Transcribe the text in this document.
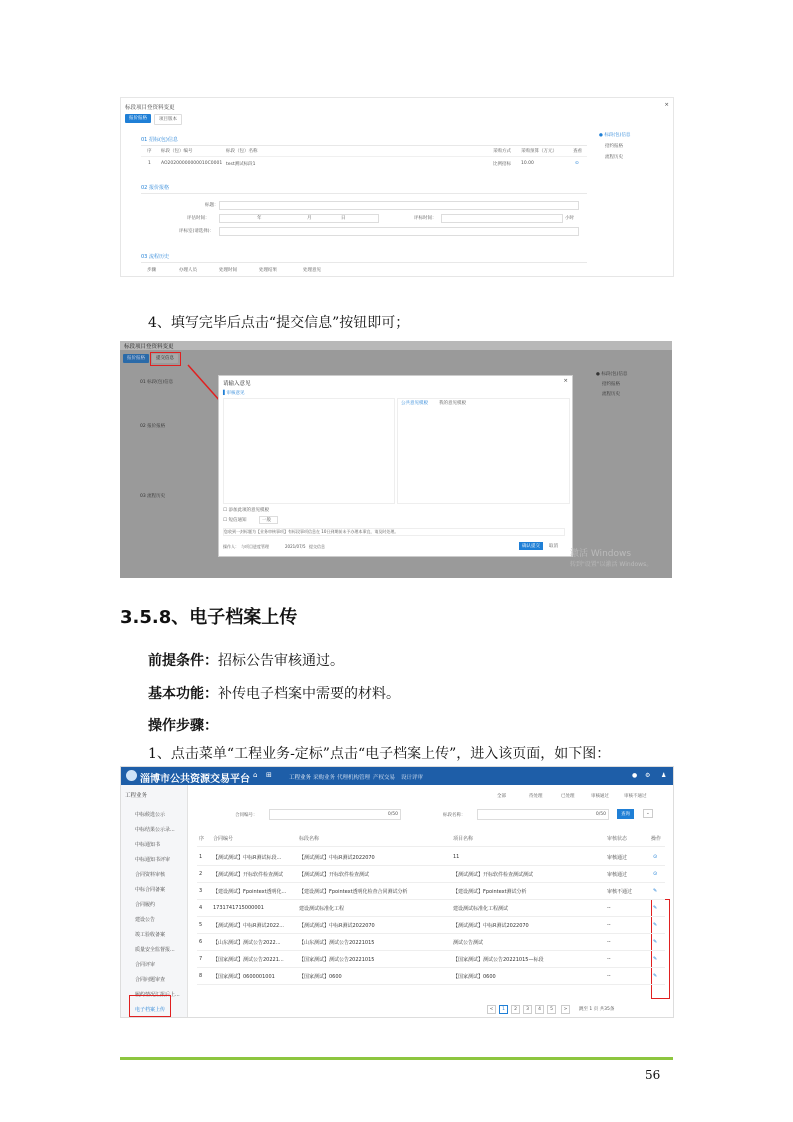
标段项目登资料变更	×
报价报格	项目版本
01 招标(包)信息
序 标段（包）编号	标段（包）名称	采购方式 采购预算（万元）	查看
1 AO20200000000010C0001 test测试标段1	比例招标 10.00	⊙
02 报价报格
标题：
评估时间：	年	月	日	评标时间：	小时
评标室(请选择)：
03 流程历史
步骤	办理人员	处理时间	处理结果	处理意见
● 标段(包)信息
招约报格
流程历史
4、填写完毕后点击“提交信息”按钮即可；
标段项目登资料变更
报价报格	提交信息
01 标段(包)信息
02 报价报格
03 流程历史
● 标段(包)信息
招约报格
流程历史
请输入意见	×
▌审核意见
公共意见模板 我的意见模板
☐ 添加此项的意见模板
☐ 短信通知	一般
您收到一封标题为【业务审核事项】有标段事项信息在 10日到期前未予办理本事宜，请及时处理。
操作人： 与项目进度管理	2021/07/5 提交信息	确认提交	取消
激活 Windows
转到"设置"以激活 Windows。
3.5.8、电子档案上传
前提条件：招标公告审核通过。
基本功能：补传电子档案中需要的材料。
操作步骤：
1、点击菜单“工程业务-定标”点击“电子档案上传”，进入该页面，如下图：
淄博市公共资源交易平台 ⌂ ⊞	工程业务 采购业务 代理机构管理 产权交易 设计评审	● ⚙ ♟
工程业务
中标候选公示
中标结果公示录...
中标通知书
中标通知书评审
合同资料审核
中标合同备案
合同履约
建设公告
竣工验收备案
质量安全监督报...
合同评审
合同问题审查
履约情况汇报后上...
电子档案上传
全部	待处理	已处理	审核通过	审核不通过
合同编号：	0/50	标段名称：	0/50	查询	⌄
序 合同编号	标段名称	项目名称	审核状态	操作
<	1	2	3	4	5	>	跳至 1 页 共35条
1	【测试测试】中标R测试标段...	【测试测试】中标R测试2022070	11	审核通过	⊙
2	【测试测试】开标软件检查测试	【测试测试】开标软件检查测试	【测试测试】开标软件检查测试测试	审核通过	⊙
3	【建设测试】Fpointext透明化...	【建设测试】Fpointext透明化检查合同测试分析	【建设测试】Fpointext测试分析	审核不通过	✎
4	1731741715000001	建设测试标准化工程	建设测试标准化工程测试	--	✎
5	【测试测试】中标R测试2022...	【测试测试】中标R测试2022070	【测试测试】中标R测试2022070	--	✎
6	【山东测试】测试公告2022...	【山东测试】测试公告20221015	测试公告测试	--	✎
7	【国家测试】测试公告20221...	【国家测试】测试公告20221015	【国家测试】测试公告20221015—标段	--	✎
8	【国家测试】0600001001	【国家测试】0600	【国家测试】0600	--	✎
56
